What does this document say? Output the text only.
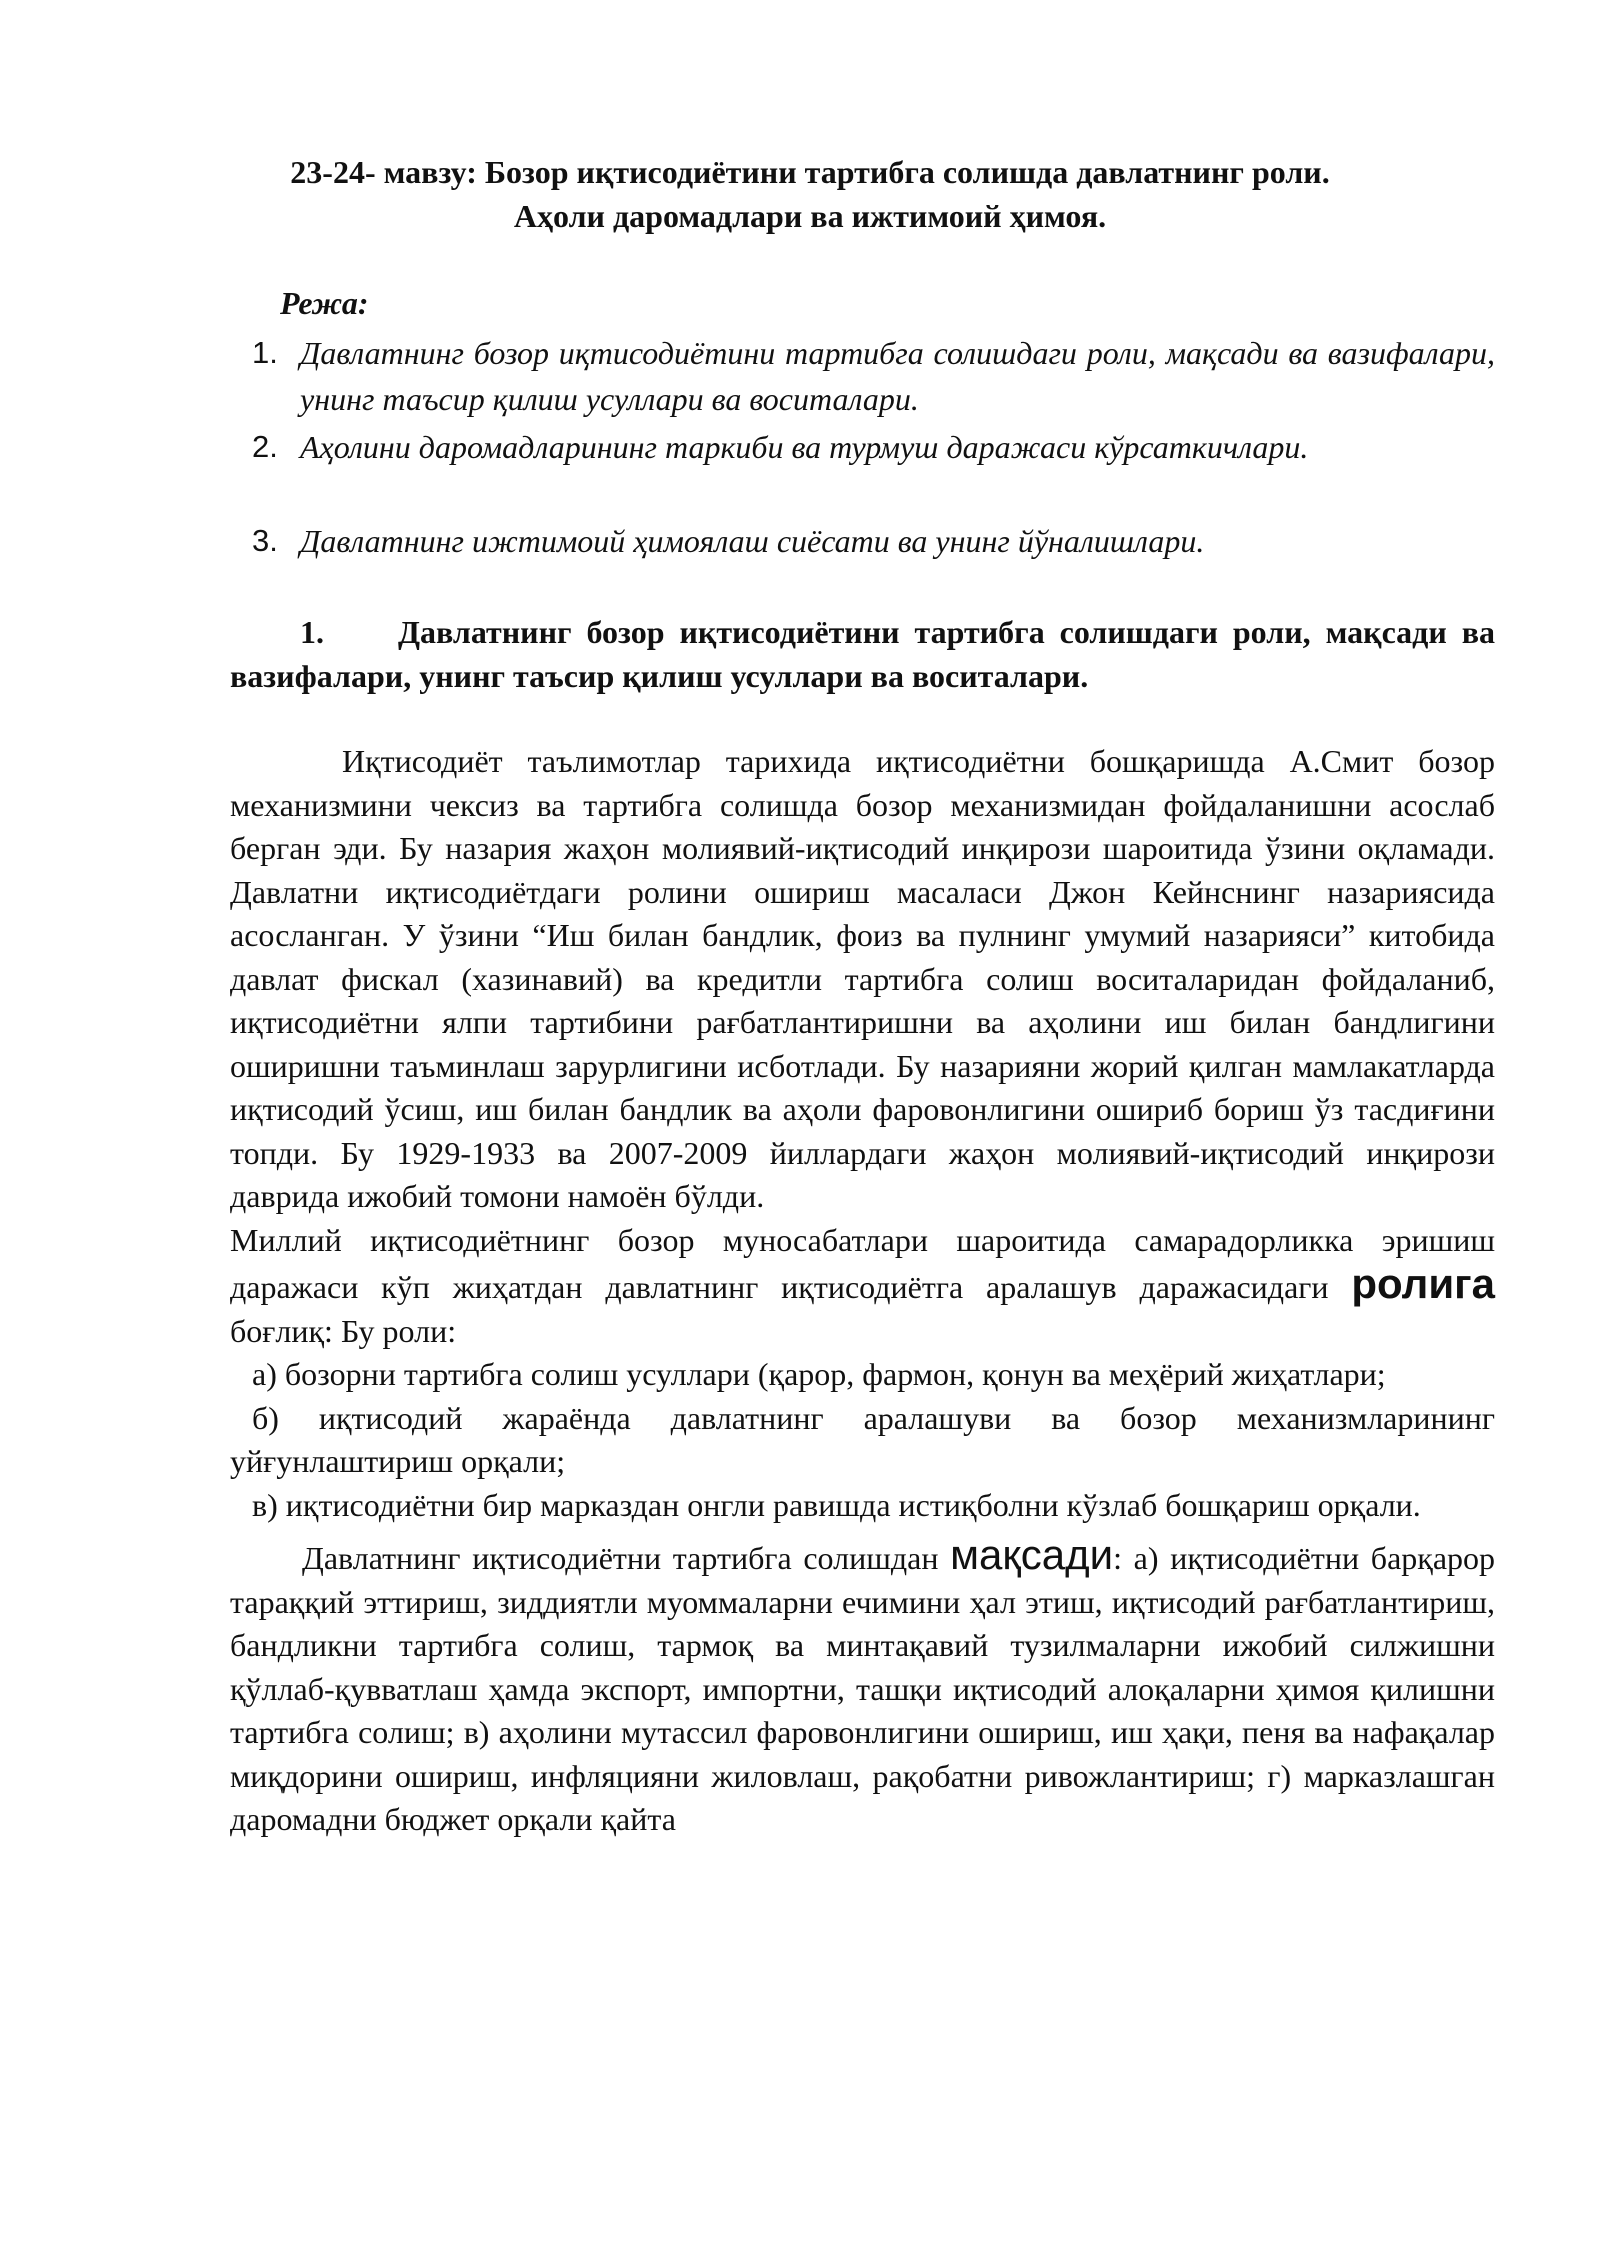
23-24- мавзу: Бозор иқтисодиётини тартибга солишда давлатнинг роли.
Аҳоли даромадлари ва ижтимоий ҳимоя.
Режа:
1. Давлатнинг бозор иқтисодиётини тартибга солишдаги роли, мақсади ва вазифалари, унинг таъсир қилиш усуллари ва воситалари.
2. Аҳолини даромадларининг таркиби ва турмуш даражаси кўрсаткичлари.
3. Давлатнинг ижтимоий ҳимоялаш сиёсати ва унинг йўналишлари.
1. Давлатнинг бозор иқтисодиётини тартибга солишдаги роли, мақсади ва вазифалари, унинг таъсир қилиш усуллари ва воситалари.

Иқтисодиёт таълимотлар тарихида иқтисодиётни бошқаришда А.Смит бозор механизмини чексиз ва тартибга солишда бозор механизмидан фойдаланишни асослаб берган эди. Бу назария жаҳон молиявий-иқтисодий инқирози шароитида ўзини оқламади. Давлатни иқтисодиётдаги ролини ошириш масаласи Джон Кейнснинг назариясида асосланган. У ўзини “Иш билан бандлик, фоиз ва пулнинг умумий назарияси” китобида давлат фискал (хазинавий) ва кредитли тартибга солиш воситаларидан фойдаланиб, иқтисодиётни ялпи тартибини рағбатлантиришни ва аҳолини иш билан бандлигини оширишни таъминлаш зарурлигини исботлади. Бу назарияни жорий қилган мамлакатларда иқтисодий ўсиш, иш билан бандлик ва аҳоли фаровонлигини ошириб бориш ўз тасдиғини топди. Бу 1929-1933 ва 2007-2009 йиллардаги жаҳон молиявий-иқтисодий инқирози даврида ижобий томони намоён бўлди.

Миллий иқтисодиётнинг бозор муносабатлари шароитида самарадорликка эришиш даражаси кўп жиҳатдан давлатнинг иқтисодиётга аралашув даражасидаги ролига боғлиқ: Бу роли:

а) бозорни тартибга солиш усуллари (қарор, фармон, қонун ва меҳёрий жиҳатлари;

б) иқтисодий жараёнда давлатнинг аралашуви ва бозор механизмларининг уйғунлаштириш орқали;

в) иқтисодиётни бир марказдан онгли равишда истиқболни кўзлаб бошқариш орқали.

Давлатнинг иқтисодиётни тартибга солишдан мақсади: а) иқтисодиётни барқарор тараққий эттириш, зиддиятли муоммаларни ечимини ҳал этиш, иқтисодий рағбатлантириш, бандликни тартибга солиш, тармоқ ва минтақавий тузилмаларни ижобий силжишни қўллаб-қувватлаш ҳамда экспорт, импортни, ташқи иқтисодий алоқаларни ҳимоя қилишни тартибга солиш; в) аҳолини мутассил фаровонлигини ошириш, иш ҳақи, пеня ва нафақалар миқдорини ошириш, инфляцияни жиловлаш, рақобатни ривожлантириш; г) марказлашган даромадни бюджет орқали қайта
